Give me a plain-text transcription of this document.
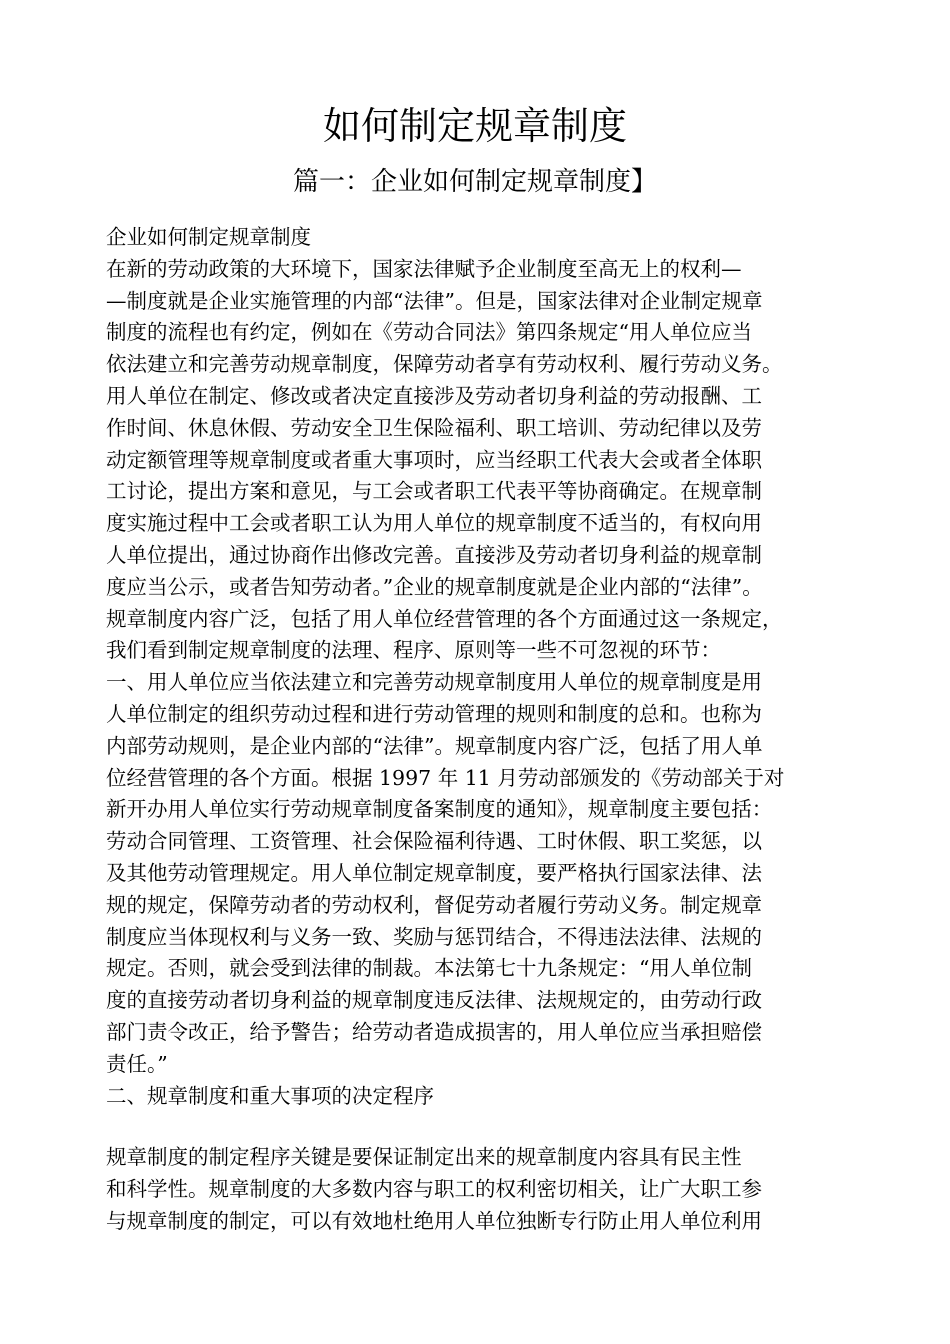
如何制定规章制度
篇一：企业如何制定规章制度】
企业如何制定规章制度
在新的劳动政策的大环境下，国家法律赋予企业制度至高无上的权利—
—制度就是企业实施管理的内部“法律”。但是，国家法律对企业制定规章
制度的流程也有约定，例如在《劳动合同法》第四条规定“用人单位应当
依法建立和完善劳动规章制度，保障劳动者享有劳动权利、履行劳动义务。
用人单位在制定、修改或者决定直接涉及劳动者切身利益的劳动报酬、工
作时间、休息休假、劳动安全卫生保险福利、职工培训、劳动纪律以及劳
动定额管理等规章制度或者重大事项时，应当经职工代表大会或者全体职
工讨论，提出方案和意见，与工会或者职工代表平等协商确定。在规章制
度实施过程中工会或者职工认为用人单位的规章制度不适当的，有权向用
人单位提出，通过协商作出修改完善。直接涉及劳动者切身利益的规章制
度应当公示，或者告知劳动者。”企业的规章制度就是企业内部的“法律”。
规章制度内容广泛，包括了用人单位经营管理的各个方面通过这一条规定，
我们看到制定规章制度的法理、程序、原则等一些不可忽视的环节：
一、用人单位应当依法建立和完善劳动规章制度用人单位的规章制度是用
人单位制定的组织劳动过程和进行劳动管理的规则和制度的总和。也称为
内部劳动规则，是企业内部的“法律”。规章制度内容广泛，包括了用人单
位经营管理的各个方面。根据 1997 年 11 月劳动部颁发的《劳动部关于对
新开办用人单位实行劳动规章制度备案制度的通知》，规章制度主要包括：
劳动合同管理、工资管理、社会保险福利待遇、工时休假、职工奖惩，以
及其他劳动管理规定。用人单位制定规章制度，要严格执行国家法律、法
规的规定，保障劳动者的劳动权利，督促劳动者履行劳动义务。制定规章
制度应当体现权利与义务一致、奖励与惩罚结合，不得违法法律、法规的
规定。否则，就会受到法律的制裁。本法第七十九条规定：“用人单位制
度的直接劳动者切身利益的规章制度违反法律、法规规定的，由劳动行政
部门责令改正，给予警告；给劳动者造成损害的，用人单位应当承担赔偿
责任。”
二、规章制度和重大事项的决定程序
规章制度的制定程序关键是要保证制定出来的规章制度内容具有民主性
和科学性。规章制度的大多数内容与职工的权利密切相关，让广大职工参
与规章制度的制定，可以有效地杜绝用人单位独断专行防止用人单位利用
